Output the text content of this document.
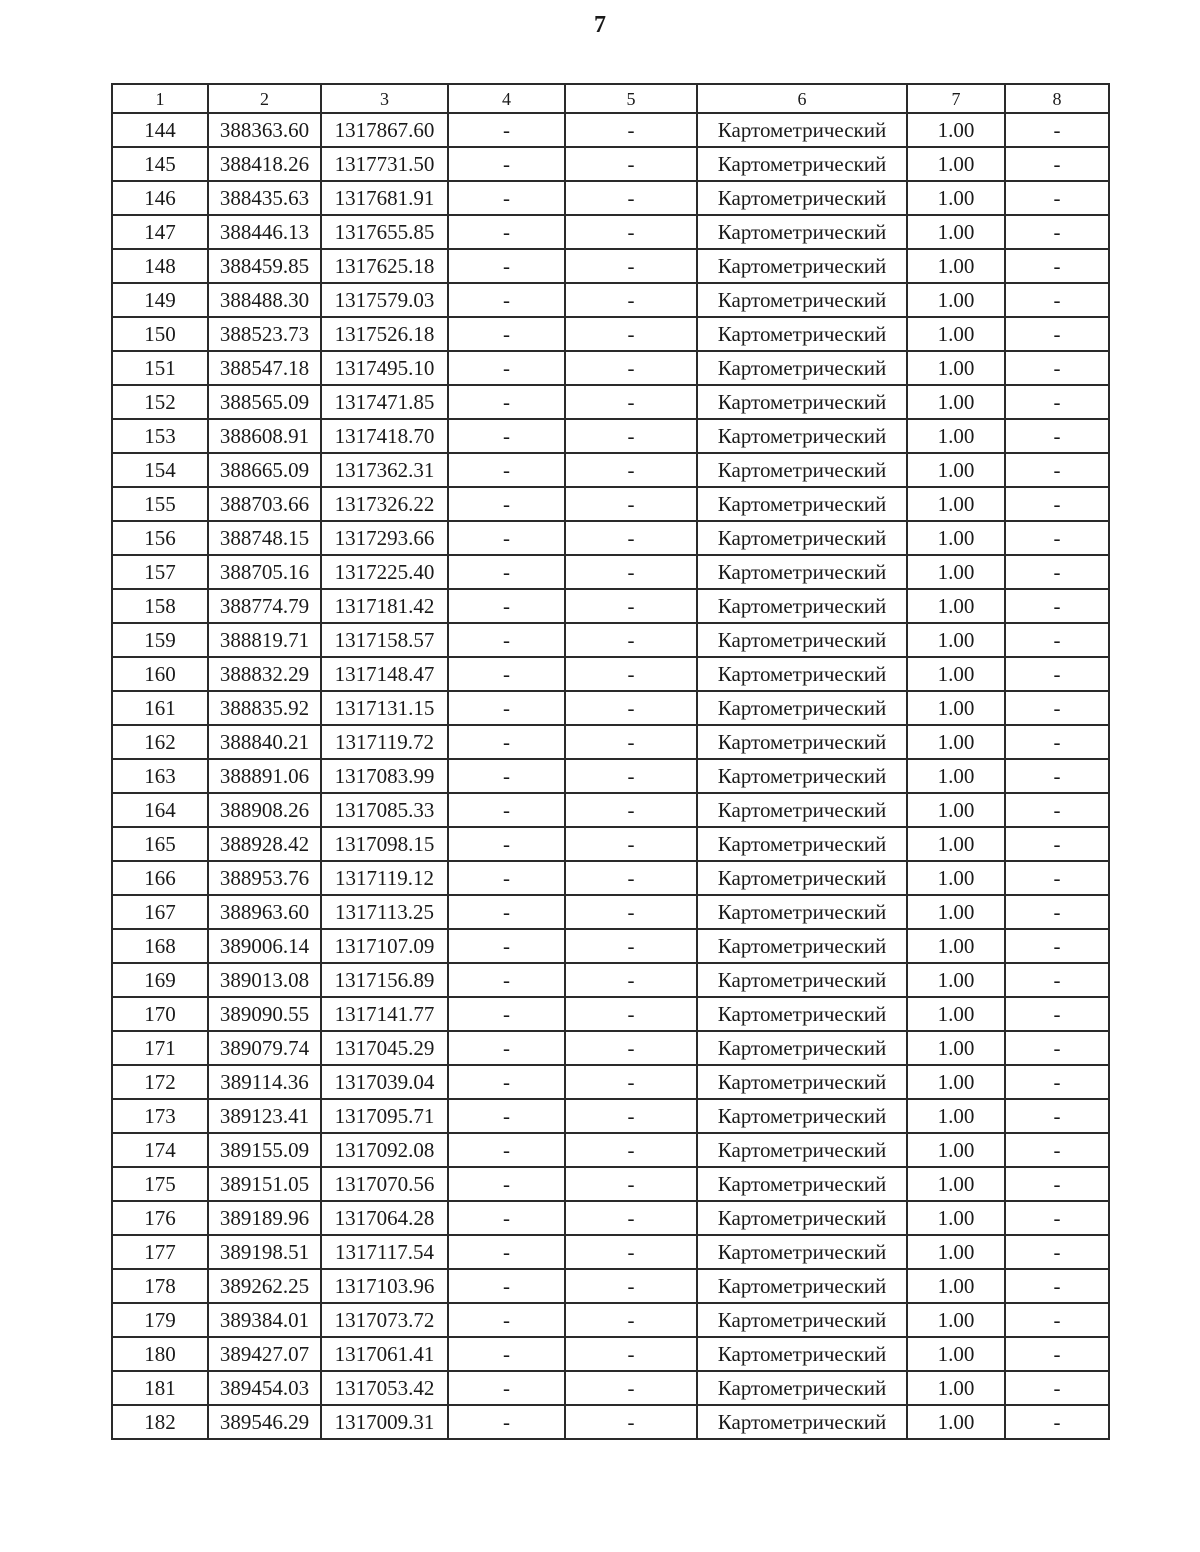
7
1	2	3	4	5	6	7	8
144	388363.60	1317867.60	-	-	Картометрический	1.00	-
145	388418.26	1317731.50	-	-	Картометрический	1.00	-
146	388435.63	1317681.91	-	-	Картометрический	1.00	-
147	388446.13	1317655.85	-	-	Картометрический	1.00	-
148	388459.85	1317625.18	-	-	Картометрический	1.00	-
149	388488.30	1317579.03	-	-	Картометрический	1.00	-
150	388523.73	1317526.18	-	-	Картометрический	1.00	-
151	388547.18	1317495.10	-	-	Картометрический	1.00	-
152	388565.09	1317471.85	-	-	Картометрический	1.00	-
153	388608.91	1317418.70	-	-	Картометрический	1.00	-
154	388665.09	1317362.31	-	-	Картометрический	1.00	-
155	388703.66	1317326.22	-	-	Картометрический	1.00	-
156	388748.15	1317293.66	-	-	Картометрический	1.00	-
157	388705.16	1317225.40	-	-	Картометрический	1.00	-
158	388774.79	1317181.42	-	-	Картометрический	1.00	-
159	388819.71	1317158.57	-	-	Картометрический	1.00	-
160	388832.29	1317148.47	-	-	Картометрический	1.00	-
161	388835.92	1317131.15	-	-	Картометрический	1.00	-
162	388840.21	1317119.72	-	-	Картометрический	1.00	-
163	388891.06	1317083.99	-	-	Картометрический	1.00	-
164	388908.26	1317085.33	-	-	Картометрический	1.00	-
165	388928.42	1317098.15	-	-	Картометрический	1.00	-
166	388953.76	1317119.12	-	-	Картометрический	1.00	-
167	388963.60	1317113.25	-	-	Картометрический	1.00	-
168	389006.14	1317107.09	-	-	Картометрический	1.00	-
169	389013.08	1317156.89	-	-	Картометрический	1.00	-
170	389090.55	1317141.77	-	-	Картометрический	1.00	-
171	389079.74	1317045.29	-	-	Картометрический	1.00	-
172	389114.36	1317039.04	-	-	Картометрический	1.00	-
173	389123.41	1317095.71	-	-	Картометрический	1.00	-
174	389155.09	1317092.08	-	-	Картометрический	1.00	-
175	389151.05	1317070.56	-	-	Картометрический	1.00	-
176	389189.96	1317064.28	-	-	Картометрический	1.00	-
177	389198.51	1317117.54	-	-	Картометрический	1.00	-
178	389262.25	1317103.96	-	-	Картометрический	1.00	-
179	389384.01	1317073.72	-	-	Картометрический	1.00	-
180	389427.07	1317061.41	-	-	Картометрический	1.00	-
181	389454.03	1317053.42	-	-	Картометрический	1.00	-
182	389546.29	1317009.31	-	-	Картометрический	1.00	-
